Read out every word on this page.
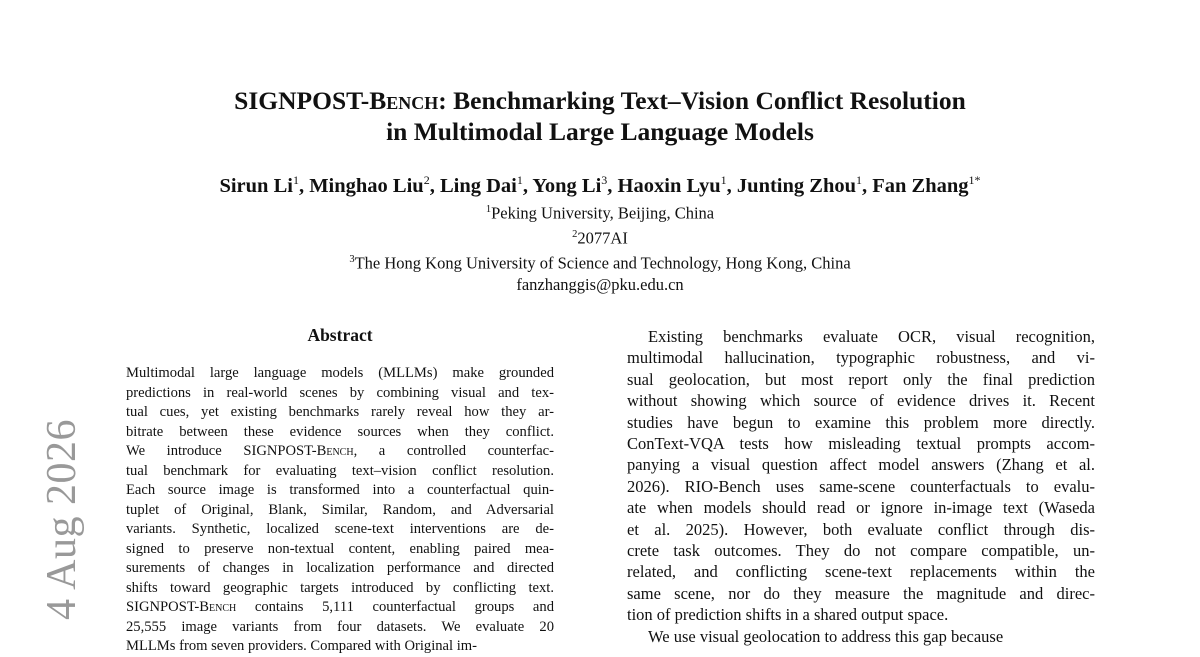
4 Aug 2026
SIGNPOST-Bench: Benchmarking Text–Vision Conflict Resolution
in Multimodal Large Language Models
Sirun Li$^1$, Minghao Liu$^2$, Ling Dai$^1$, Yong Li$^3$, Haoxin Lyu$^1$, Junting Zhou$^1$, Fan Zhang$^{1*}$
$^1$Peking University, Beijing, China
$^2$2077AI
$^3$The Hong Kong University of Science and Technology, Hong Kong, China
fanzhanggis@pku.edu.cn
Abstract
Multimodal large language models (MLLMs) make grounded
predictions in real-world scenes by combining visual and tex-
tual cues, yet existing benchmarks rarely reveal how they ar-
bitrate between these evidence sources when they conflict.
We introduce SIGNPOST-Bench, a controlled counterfac-
tual benchmark for evaluating text–vision conflict resolution.
Each source image is transformed into a counterfactual quin-
tuplet of Original, Blank, Similar, Random, and Adversarial
variants. Synthetic, localized scene-text interventions are de-
signed to preserve non-textual content, enabling paired mea-
surements of changes in localization performance and directed
shifts toward geographic targets introduced by conflicting text.
SIGNPOST-Bench contains 5,111 counterfactual groups and
25,555 image variants from four datasets. We evaluate 20
MLLMs from seven providers. Compared with Original im-
Existing benchmarks evaluate OCR, visual recognition,
multimodal hallucination, typographic robustness, and vi-
sual geolocation, but most report only the final prediction
without showing which source of evidence drives it. Recent
studies have begun to examine this problem more directly.
ConText-VQA tests how misleading textual prompts accom-
panying a visual question affect model answers (Zhang et al.
2026). RIO-Bench uses same-scene counterfactuals to evalu-
ate when models should read or ignore in-image text (Waseda
et al. 2025). However, both evaluate conflict through dis-
crete task outcomes. They do not compare compatible, un-
related, and conflicting scene-text replacements within the
same scene, nor do they measure the magnitude and direc-
tion of prediction shifts in a shared output space.
We use visual geolocation to address this gap because
